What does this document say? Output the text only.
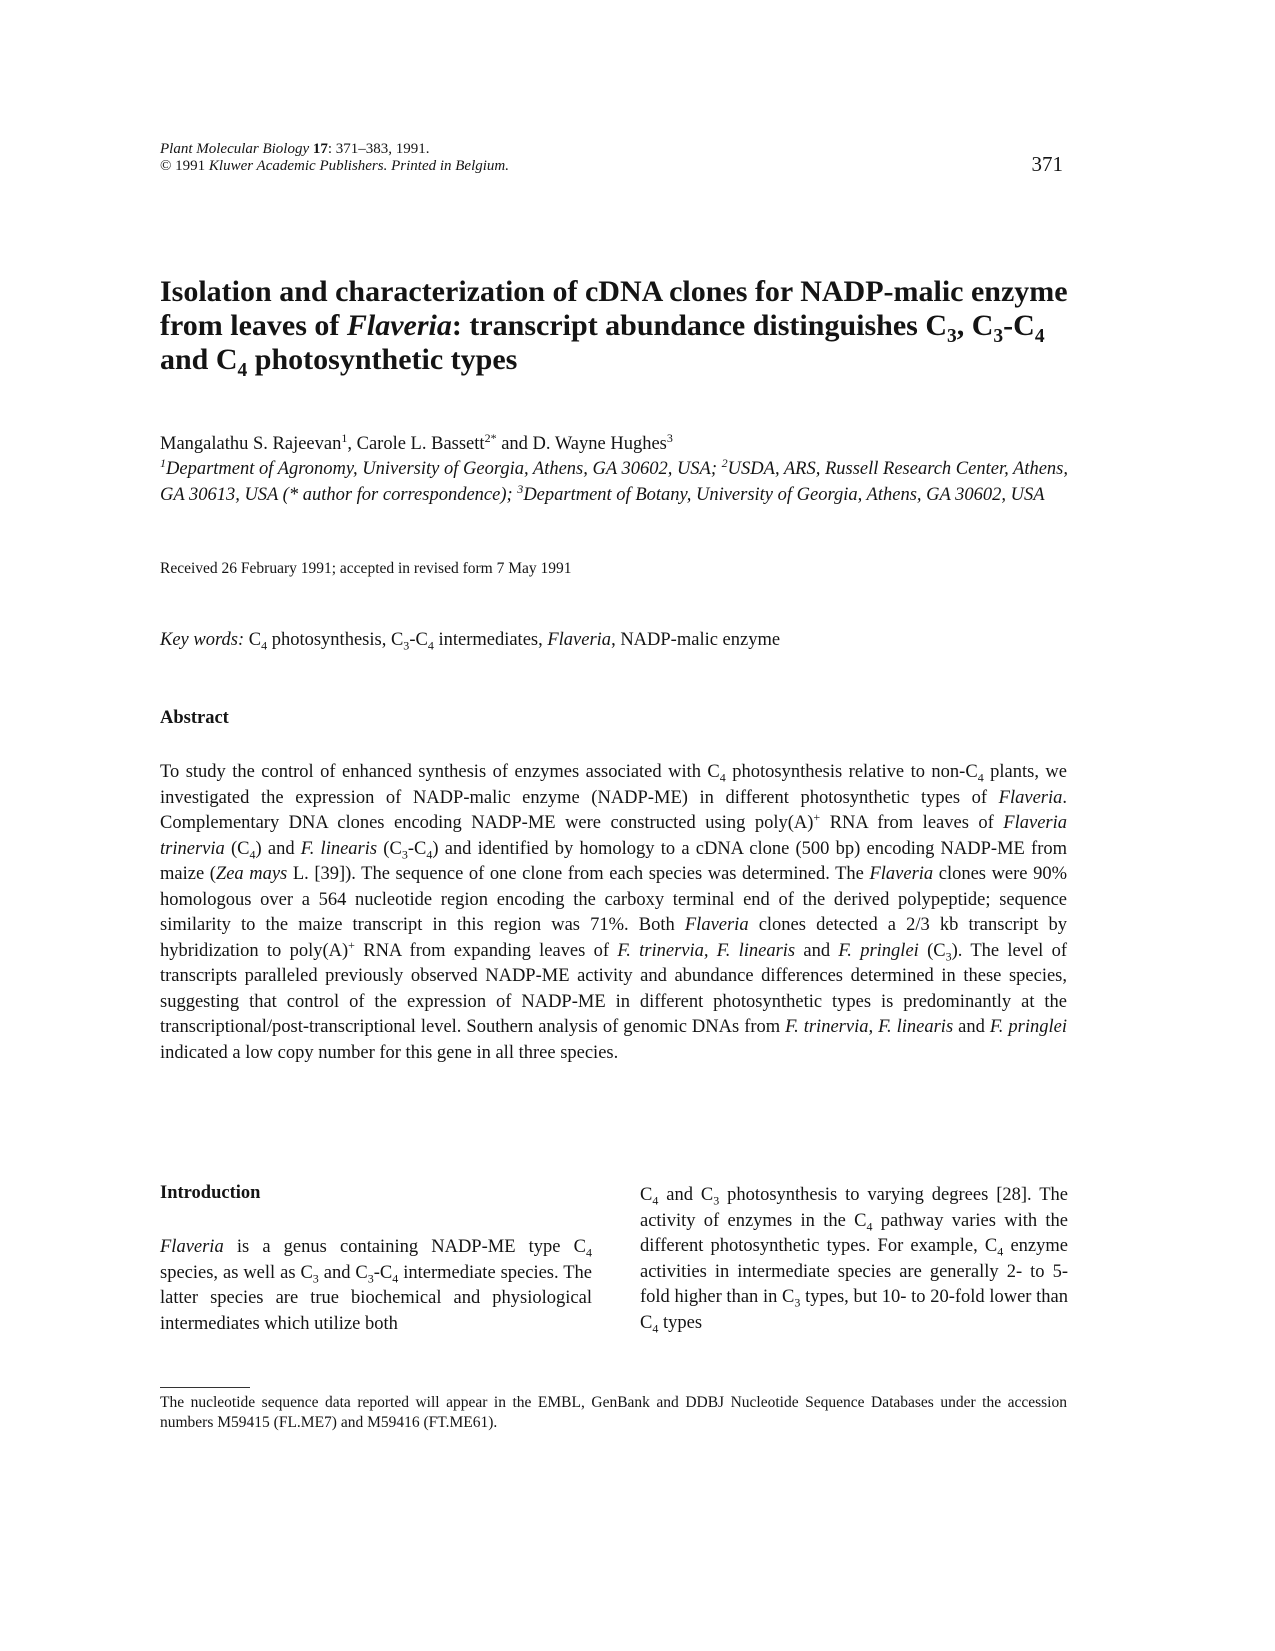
Plant Molecular Biology 17: 371–383, 1991.
© 1991 Kluwer Academic Publishers. Printed in Belgium.	371
Isolation and characterization of cDNA clones for NADP-malic enzyme from leaves of Flaveria: transcript abundance distinguishes $C_3$, $C_3-C_4$ and $C_4$ photosynthetic types
Mangalathu S. Rajeevan$^1$, Carole L. Bassett$^{2*}$ and D. Wayne Hughes$^3$
$^1$Department of Agronomy, University of Georgia, Athens, GA 30602, USA; $^2$USDA, ARS, Russell Research Center, Athens, GA 30613, USA (* author for correspondence); $^3$Department of Botany, University of Georgia, Athens, GA 30602, USA
Received 26 February 1991; accepted in revised form 7 May 1991
Key words: $C_4$ photosynthesis, $C_3-C_4$ intermediates, Flaveria, NADP-malic enzyme
Abstract
To study the control of enhanced synthesis of enzymes associated with $C_4$ photosynthesis relative to non-$C_4$ plants, we investigated the expression of NADP-malic enzyme (NADP-ME) in different photosynthetic types of Flaveria. Complementary DNA clones encoding NADP-ME were constructed using poly(A)+ RNA from leaves of Flaveria trinervia $(C_4)$ and F. linearis $(C_3-C_4)$ and identified by homology to a cDNA clone (500 bp) encoding NADP-ME from maize (Zea mays L. [39]). The sequence of one clone from each species was determined. The Flaveria clones were 90% homologous over a 564 nucleotide region encoding the carboxy terminal end of the derived polypeptide; sequence similarity to the maize transcript in this region was 71%. Both Flaveria clones detected a 2/3 kb transcript by hybridization to poly(A)+ RNA from expanding leaves of F. trinervia, F. linearis and F. pringlei $(C_3)$. The level of transcripts paralleled previously observed NADP-ME activity and abundance differences determined in these species, suggesting that control of the expression of NADP-ME in different photosynthetic types is predominantly at the transcriptional/post-transcriptional level. Southern analysis of genomic DNAs from F. trinervia, F. linearis and F. pringlei indicated a low copy number for this gene in all three species.
Introduction
Flaveria is a genus containing NADP-ME type $C_4$ species, as well as $C_3$ and $C_3-C_4$ intermediate species. The latter species are true biochemical and physiological intermediates which utilize both
$C_4$ and $C_3$ photosynthesis to varying degrees [28]. The activity of enzymes in the $C_4$ pathway varies with the different photosynthetic types. For example, $C_4$ enzyme activities in intermediate species are generally 2- to 5-fold higher than in $C_3$ types, but 10- to 20-fold lower than $C_4$ types
The nucleotide sequence data reported will appear in the EMBL, GenBank and DDBJ Nucleotide Sequence Databases under the accession numbers M59415 (FL.ME7) and M59416 (FT.ME61).
